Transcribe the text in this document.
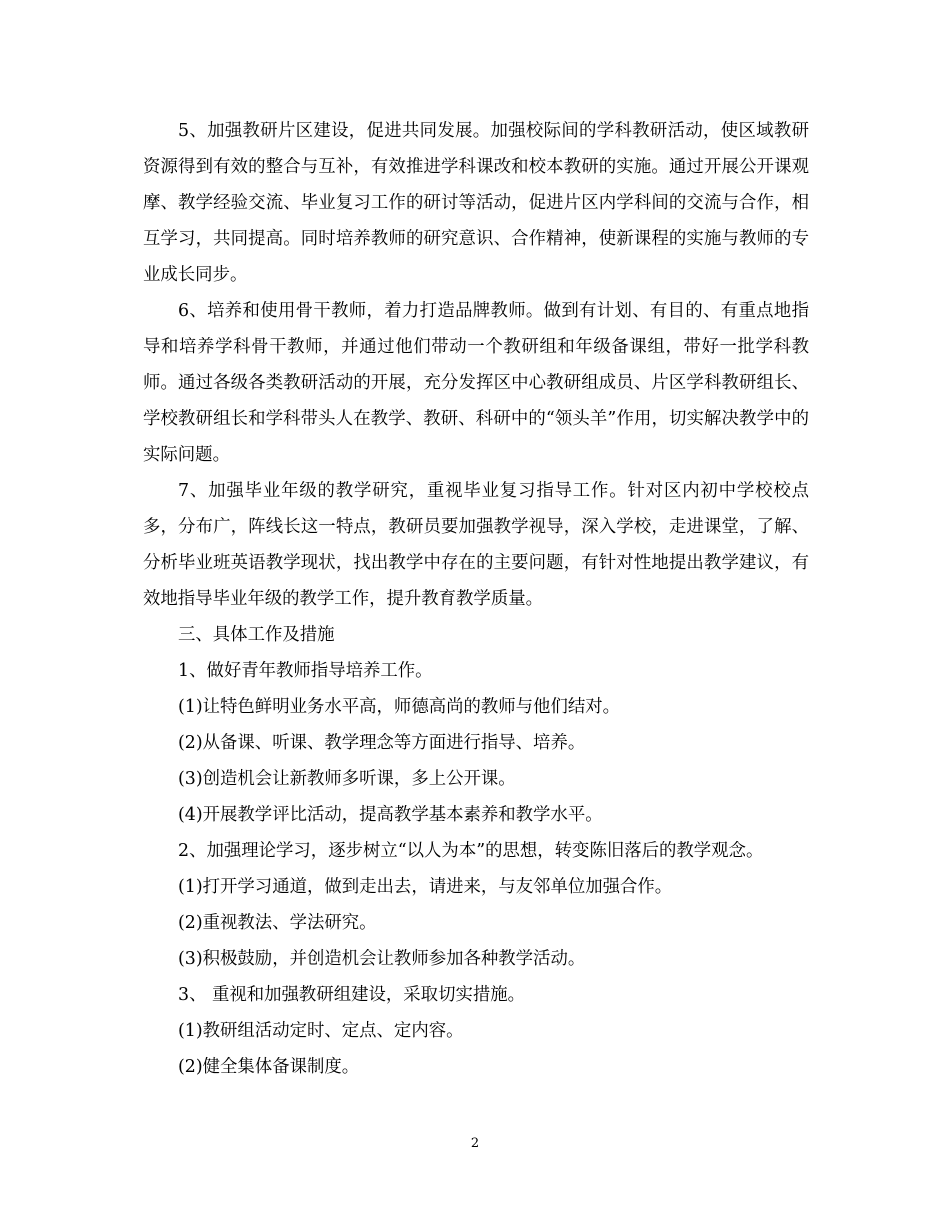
5、加强教研片区建设，促进共同发展。加强校际间的学科教研活动，使区域教研资源得到有效的整合与互补，有效推进学科课改和校本教研的实施。通过开展公开课观摩、教学经验交流、毕业复习工作的研讨等活动，促进片区内学科间的交流与合作，相互学习，共同提高。同时培养教师的研究意识、合作精神，使新课程的实施与教师的专业成长同步。

6、培养和使用骨干教师，着力打造品牌教师。做到有计划、有目的、有重点地指导和培养学科骨干教师，并通过他们带动一个教研组和年级备课组，带好一批学科教师。通过各级各类教研活动的开展，充分发挥区中心教研组成员、片区学科教研组长、学校教研组长和学科带头人在教学、教研、科研中的“领头羊”作用，切实解决教学中的实际问题。

7、加强毕业年级的教学研究，重视毕业复习指导工作。针对区内初中学校校点多，分布广，阵线长这一特点，教研员要加强教学视导，深入学校，走进课堂，了解、分析毕业班英语教学现状，找出教学中存在的主要问题，有针对性地提出教学建议，有效地指导毕业年级的教学工作，提升教育教学质量。

三、具体工作及措施

1、做好青年教师指导培养工作。

(1)让特色鲜明业务水平高，师德高尚的教师与他们结对。

(2)从备课、听课、教学理念等方面进行指导、培养。

(3)创造机会让新教师多听课，多上公开课。

(4)开展教学评比活动，提高教学基本素养和教学水平。

2、加强理论学习，逐步树立“以人为本”的思想，转变陈旧落后的教学观念。

(1)打开学习通道，做到走出去，请进来，与友邻单位加强合作。

(2)重视教法、学法研究。

(3)积极鼓励，并创造机会让教师参加各种教学活动。

3、 重视和加强教研组建设，采取切实措施。

(1)教研组活动定时、定点、定内容。

(2)健全集体备课制度。

2
